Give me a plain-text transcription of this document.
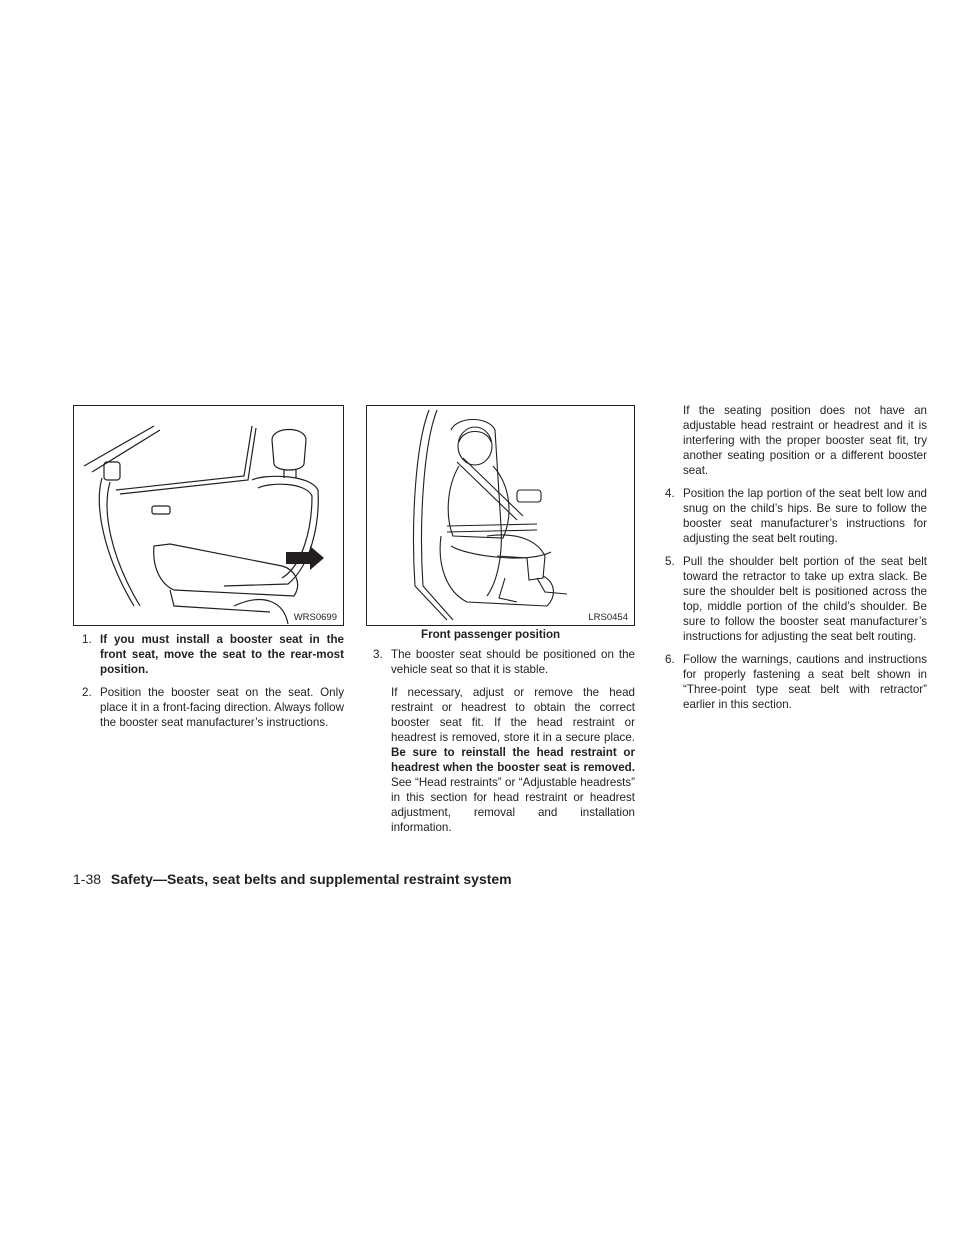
WRS0699	LRS0454
Front passenger position
1. If you must install a booster seat in the front seat, move the seat to the rear-most position.
2. Position the booster seat on the seat. Only place it in a front-facing direction. Always follow the booster seat manufacturer’s instructions.
3. The booster seat should be positioned on the vehicle seat so that it is stable.
If necessary, adjust or remove the head restraint or headrest to obtain the correct booster seat fit. If the head restraint or headrest is removed, store it in a secure place. Be sure to reinstall the head restraint or headrest when the booster seat is removed. See “Head restraints” or “Adjustable headrests” in this section for head restraint or headrest adjustment, removal and installation information.
If the seating position does not have an adjustable head restraint or headrest and it is interfering with the proper booster seat fit, try another seating position or a different booster seat.
4. Position the lap portion of the seat belt low and snug on the child’s hips. Be sure to follow the booster seat manufacturer’s instructions for adjusting the seat belt routing.
5. Pull the shoulder belt portion of the seat belt toward the retractor to take up extra slack. Be sure the shoulder belt is positioned across the top, middle portion of the child’s shoulder. Be sure to follow the booster seat manufacturer’s instructions for adjusting the seat belt routing.
6. Follow the warnings, cautions and instructions for properly fastening a seat belt shown in “Three-point type seat belt with retractor” earlier in this section.
1-38 Safety—Seats, seat belts and supplemental restraint system
